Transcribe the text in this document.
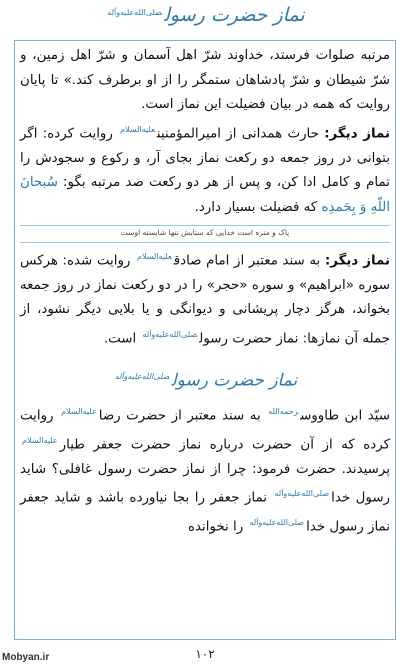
نماز حضرت رسول$^{صلی‌الله‌علیه‌وآله}$

مرتبه صلوات فرستد، خداوند شرّ اهل آسمان و شرّ اهل زمین، و شرّ شیطان و شرّ پادشاهان ستمگر را از او برطرف کند.» تا پایان روایت که همه در بیان فضیلت این نماز است.

نماز دیگر: حارث همدانی از امیرالمؤمنین$^{علیه‌السلام}$ روایت کرده: اگر بتوانی در روز جمعه دو رکعت نماز بجای آر، و رکوع و سجودش را تمام و کامل ادا کن، و پس از هر دو رکعت صد مرتبه بگو: سُبحانَ اللّهِ وَ بِحَمدِه که فضیلت بسیار دارد.

پاک و منزه است خدایی که ستایش تنها شایسته اوست

نماز دیگر: به سند معتبر از امام صادق$^{علیه‌السلام}$ روایت شده: هرکس سوره «ابراهیم» و سوره «حجر» را در دو رکعت نماز در روز جمعه بخواند، هرگز دچار پریشانی و دیوانگی و یا بلایی دیگر نشود، از جمله آن نمازها: نماز حضرت رسول$^{صلی‌الله‌علیه‌وآله}$ است.

نماز حضرت رسول$^{صلی‌الله‌علیه‌وآله}$

سیّد ابن طاووس$^{رحمه‌الله}$ به سند معتبر از حضرت رضا$^{علیه‌السلام}$ روایت کرده که از آن حضرت درباره نماز حضرت جعفر طیار$^{علیه‌السلام}$ پرسیدند. حضرت فرمود: چرا از نماز حضرت رسول غافلی؟ شاید رسول خدا$^{صلی‌الله‌علیه‌وآله}$ نماز جعفر را بجا نیاورده باشد و شاید جعفر نماز رسول خدا$^{صلی‌الله‌علیه‌وآله}$ را نخوانده

۱۰۲
Mobyan.ir
